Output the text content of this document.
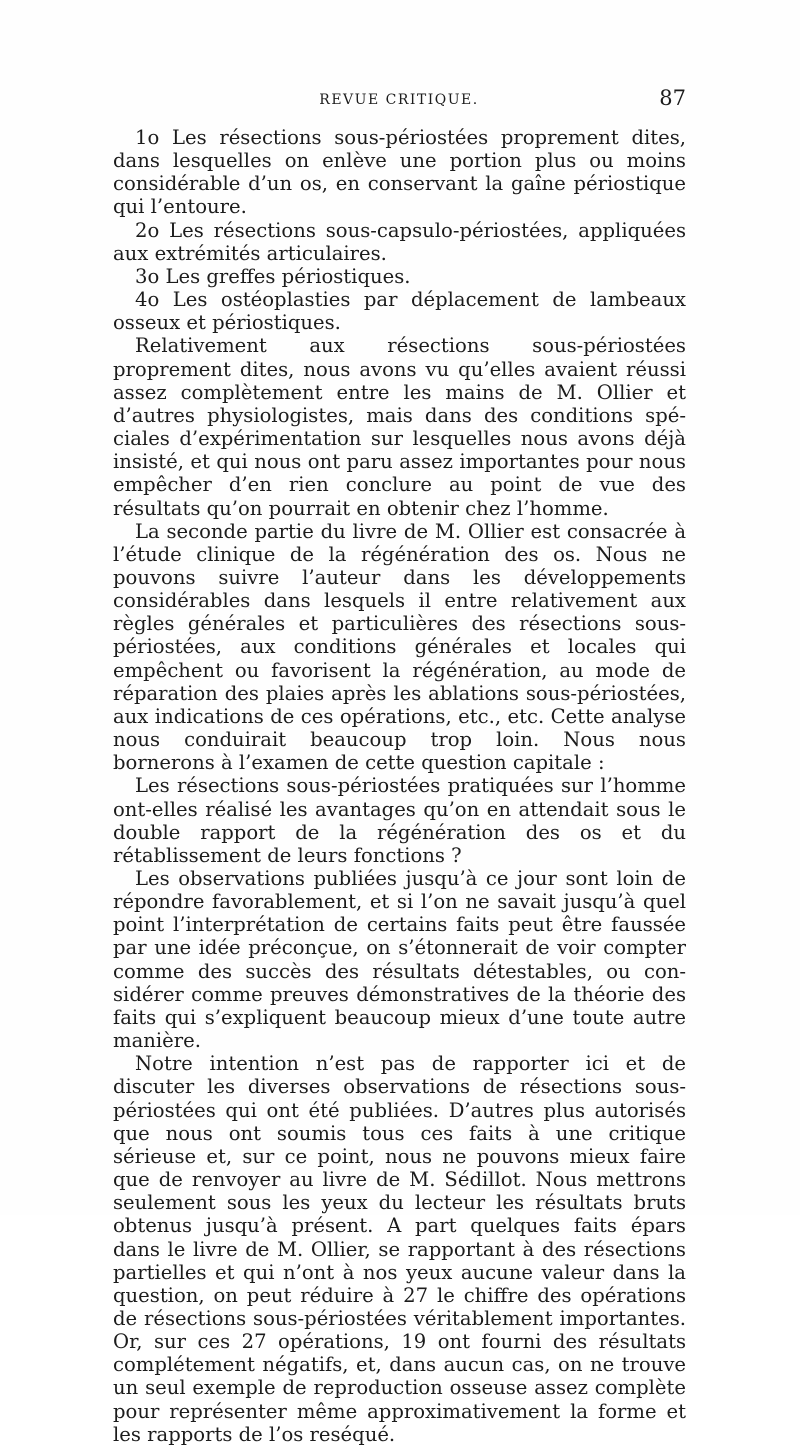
REVUE CRITIQUE.	87

1o Les résections sous-périostées proprement dites, dans lesquelles on enlève une portion plus ou moins considérable d’un os, en conservant la gaîne périostique qui l’entoure.

2o Les résections sous-capsulo-périostées, appliquées aux extrémités articulaires.

3o Les greffes périostiques.

4o Les ostéoplasties par déplacement de lambeaux osseux et périostiques.

Relativement aux résections sous-périostées proprement dites, nous avons vu qu’elles avaient réussi assez complètement entre les mains de M. Ollier et d’autres physiologistes, mais dans des conditions spéciales d’expérimentation sur lesquelles nous avons déjà insisté, et qui nous ont paru assez importantes pour nous empêcher d’en rien conclure au point de vue des résultats qu’on pourrait en obtenir chez l’homme.

La seconde partie du livre de M. Ollier est consacrée à l’étude clinique de la régénération des os. Nous ne pouvons suivre l’auteur dans les développements considérables dans lesquels il entre relativement aux règles générales et particulières des résections sous-périostées, aux conditions générales et locales qui empêchent ou favorisent la régénération, au mode de réparation des plaies après les ablations sous-périostées, aux indications de ces opérations, etc., etc. Cette analyse nous conduirait beaucoup trop loin. Nous nous bornerons à l’examen de cette question capitale :

Les résections sous-périostées pratiquées sur l’homme ont-elles réalisé les avantages qu’on en attendait sous le double rapport de la régénération des os et du rétablissement de leurs fonctions ?

Les observations publiées jusqu’à ce jour sont loin de répondre favorablement, et si l’on ne savait jusqu’à quel point l’interprétation de certains faits peut être faussée par une idée préconçue, on s’étonnerait de voir compter comme des succès des résultats détestables, ou considérer comme preuves démonstratives de la théorie des faits qui s’expliquent beaucoup mieux d’une toute autre manière.

Notre intention n’est pas de rapporter ici et de discuter les diverses observations de résections sous-périostées qui ont été publiées. D’autres plus autorisés que nous ont soumis tous ces faits à une critique sérieuse et, sur ce point, nous ne pouvons mieux faire que de renvoyer au livre de M. Sédillot. Nous mettrons seulement sous les yeux du lecteur les résultats bruts obtenus jusqu’à présent. A part quelques faits épars dans le livre de M. Ollier, se rapportant à des résections partielles et qui n’ont à nos yeux aucune valeur dans la question, on peut réduire à 27 le chiffre des opérations de résections sous-périostées véritablement importantes. Or, sur ces 27 opérations, 19 ont fourni des résultats complétement négatifs, et, dans aucun cas, on ne trouve un seul exemple de reproduction osseuse assez complète pour représenter même approximativement la forme et les rapports de l’os reséqué.
